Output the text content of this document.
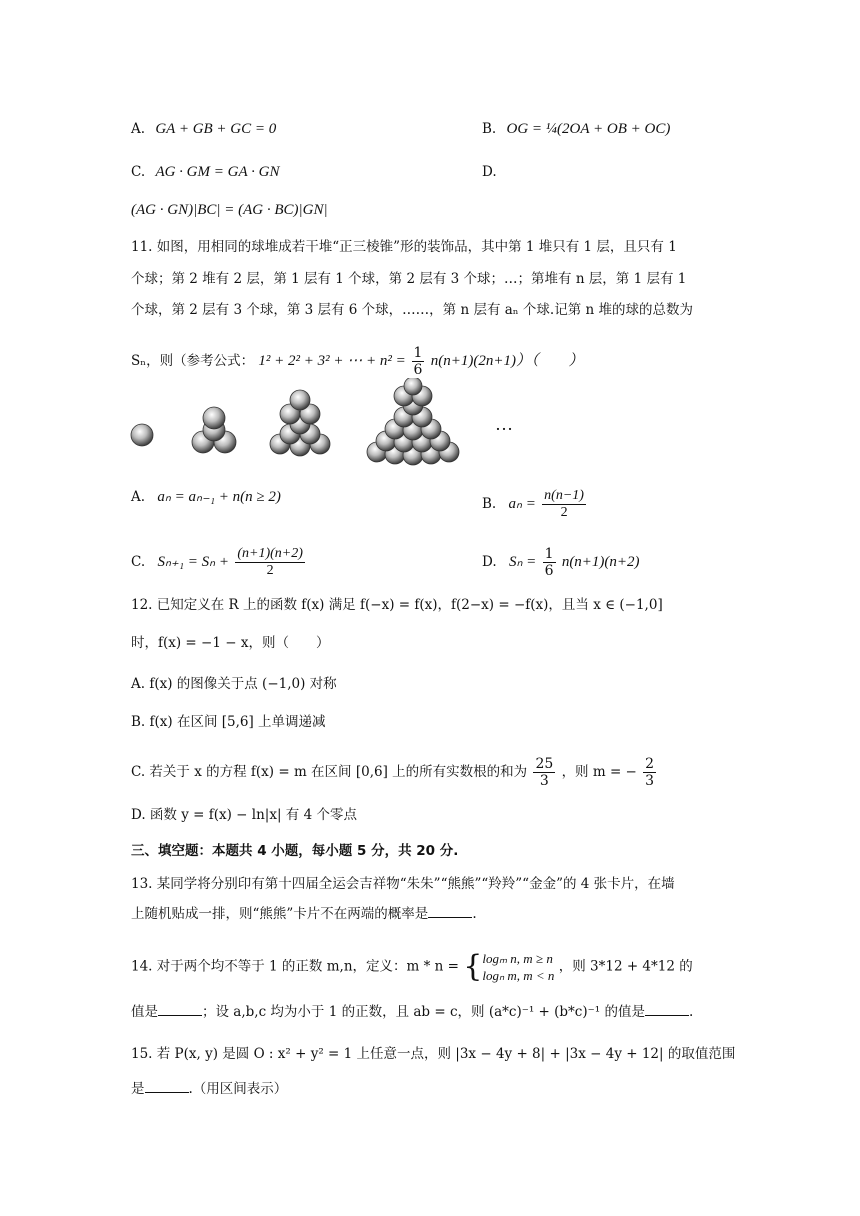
A. GA + GB + GC = 0	B. OG = ¼(2OA + OB + OC)
C. AG · GM = GA · GN	D.
(AG · GN)|BC| = (AG · BC)|GN|
11. 如图，用相同的球堆成若干堆“正三棱锥”形的装饰品，其中第 1 堆只有 1 层，且只有 1
个球；第 2 堆有 2 层，第 1 层有 1 个球，第 2 层有 3 个球；…；第堆有 n 层，第 1 层有 1
个球，第 2 层有 3 个球，第 3 层有 6 个球，……，第 n 层有 aₙ 个球.记第 n 堆的球的总数为
Sₙ，则（参考公式： 1² + 2² + 3² + ⋯ + $n^2 = \frac{1}{6} n(n+1)(2n+1)$）（　　）
…
A. aₙ = aₙ₋₁ + n(n ≥ 2)	B. $a_n = \frac{n(n-1)}{2}$
C. $S_{n+1} = S_n + \frac{(n+1)(n+2)}{2}$	D. $S_n = \frac{1}{6} n(n+1)(n+2)$
12. 已知定义在 R 上的函数 f(x) 满足 f(−x) = f(x)，f(2−x) = −f(x)，且当 x ∈ (−1,0]
时，f(x) = −1 − x，则（　　）
A. f(x) 的图像关于点 (−1,0) 对称
B. f(x) 在区间 [5,6] 上单调递减
C. 若关于 x 的方程 f(x) = m 在区间 [0,6] 上的所有实数根的和为 $\frac{25}{3}$ ，则 m = − $\frac{2}{3}$
D. 函数 y = f(x) − ln|x| 有 4 个零点
三、填空题：本题共 4 小题，每小题 5 分，共 20 分.
13. 某同学将分别印有第十四届全运会吉祥物“朱朱”“熊熊”“羚羚”“金金”的 4 张卡片，在墙
上随机贴成一排，则“熊熊”卡片不在两端的概率是	.
14. 对于两个均不等于 1 的正数 m,n，定义：m * n = { logₘ n, m ≥ n
logₙ m, m < n
，则 3*12 + 4*12 的
值是	；设 a,b,c 均为小于 1 的正数，且 ab = c，则 (a*c)⁻¹ + (b*c)⁻¹ 的值是	.
15. 若 P(x, y) 是圆 O : x² + y² = 1 上任意一点，则 |3x − 4y + 8| + |3x − 4y + 12| 的取值范围
是	.（用区间表示）
